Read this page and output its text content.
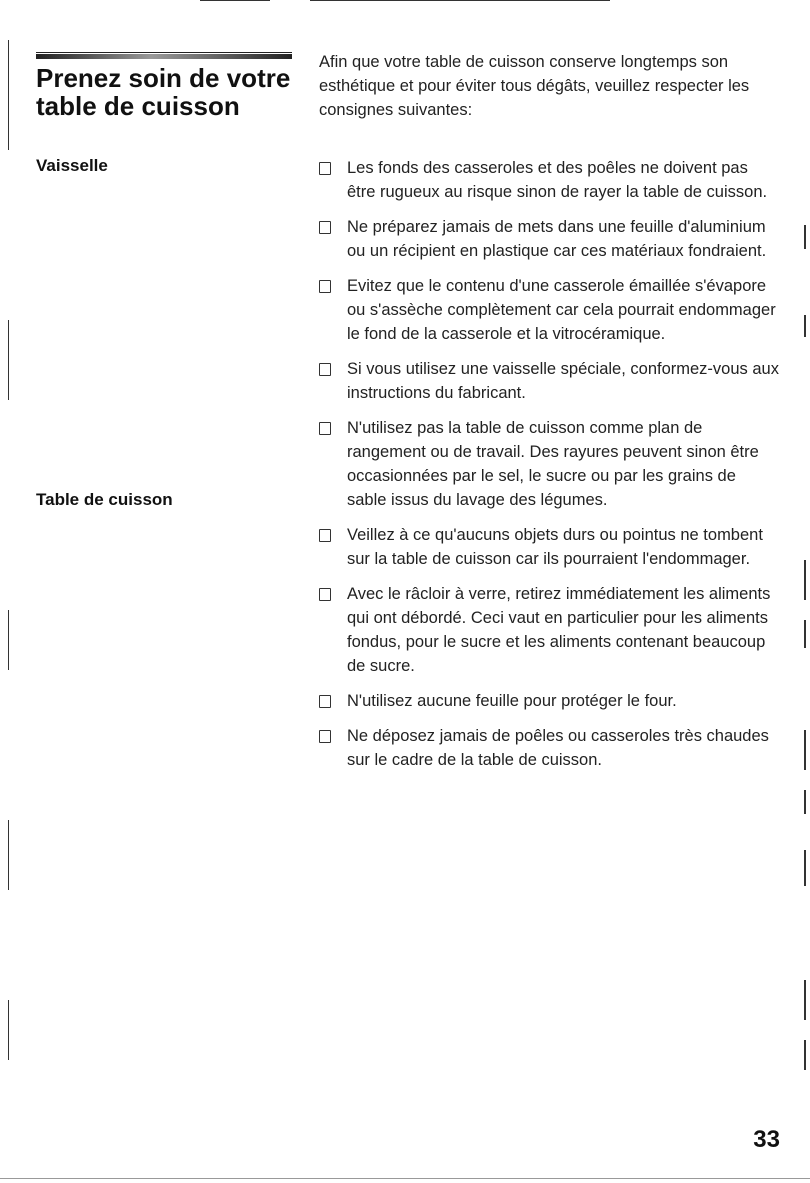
Prenez soin de votre table de cuisson
Vaisselle
Table de cuisson

Afin que votre table de cuisson conserve longtemps son esthétique et pour éviter tous dégâts, veuillez respecter les consignes suivantes:

Les fonds des casseroles et des poêles ne doivent pas être rugueux au risque sinon de rayer la table de cuisson.
Ne préparez jamais de mets dans une feuille d'aluminium ou un récipient en plastique car ces matériaux fondraient.
Evitez que le contenu d'une casserole émaillée s'évapore ou s'assèche complètement car cela pourrait endommager le fond de la casserole et la vitrocéramique.
Si vous utilisez une vaisselle spéciale, conformez-vous aux instructions du fabricant.
N'utilisez pas la table de cuisson comme plan de rangement ou de travail. Des rayures peuvent sinon être occasionnées par le sel, le sucre ou par les grains de sable issus du lavage des légumes.
Veillez à ce qu'aucuns objets durs ou pointus ne tombent sur la table de cuisson car ils pourraient l'endommager.
Avec le râcloir à verre, retirez immédiatement les aliments qui ont débordé. Ceci vaut en particulier pour les aliments fondus, pour le sucre et les aliments contenant beaucoup de sucre.
N'utilisez aucune feuille pour protéger le four.
Ne déposez jamais de poêles ou casseroles très chaudes sur le cadre de la table de cuisson.

33
